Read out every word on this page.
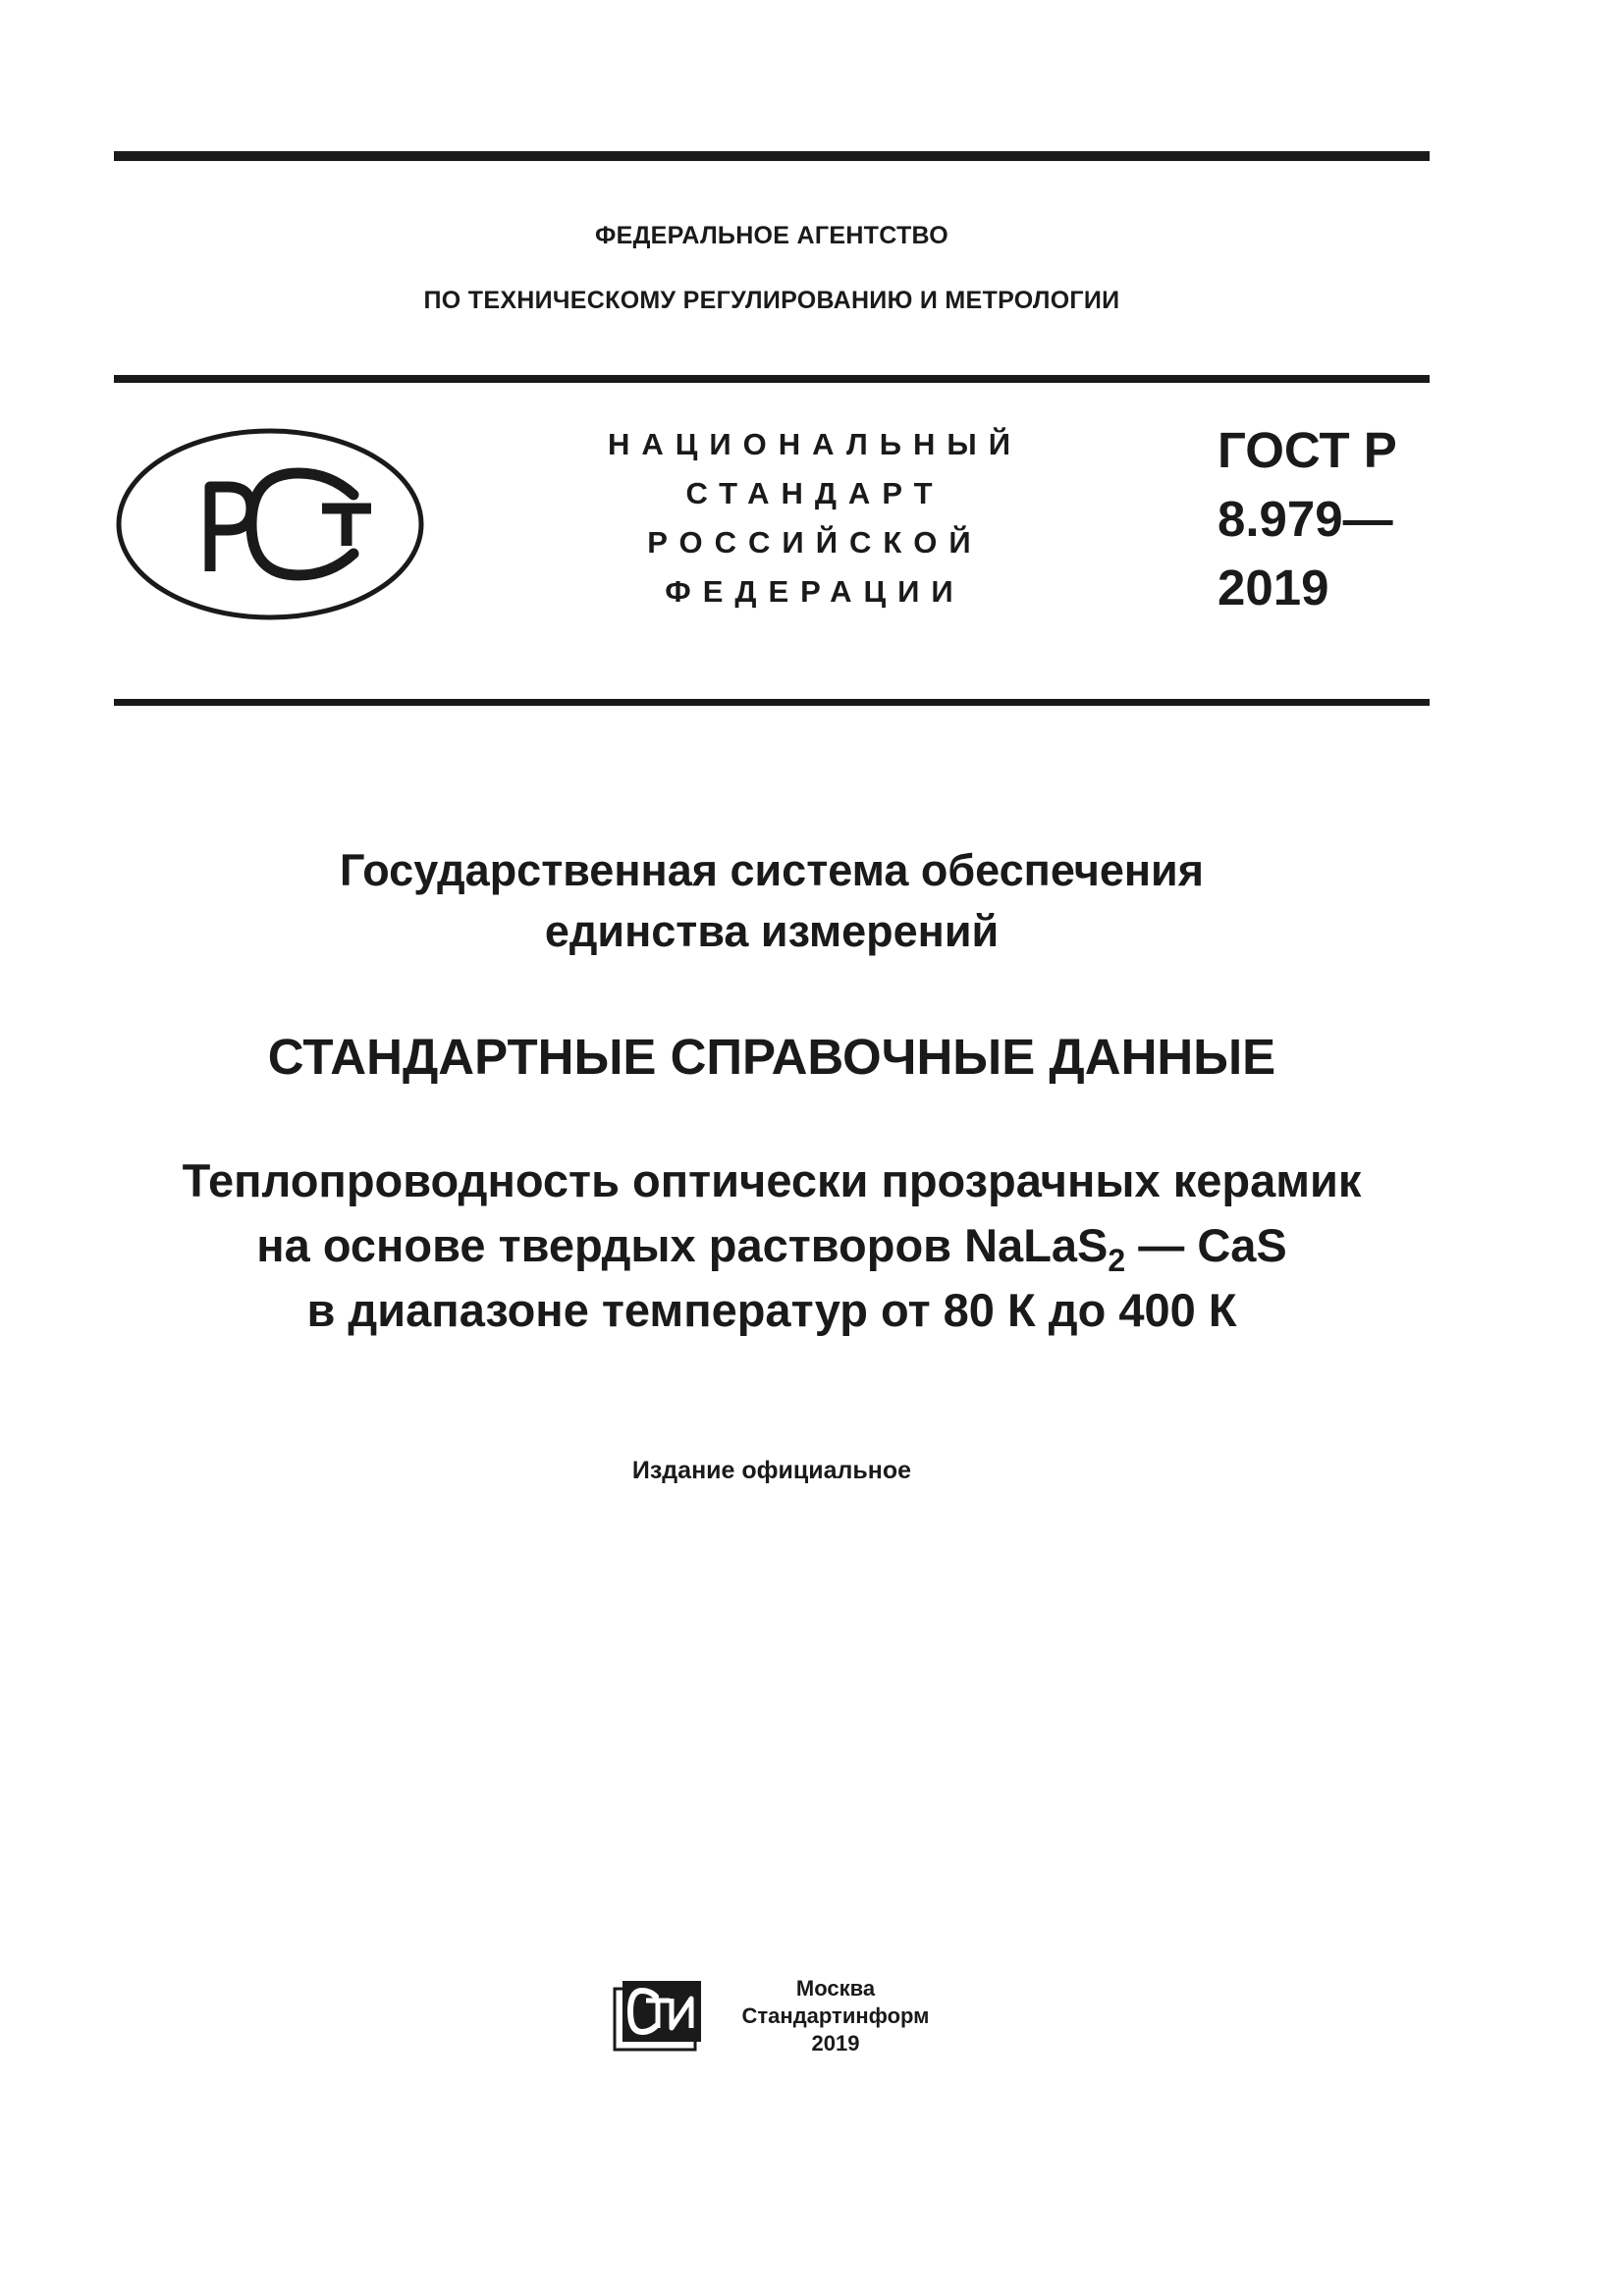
ФЕДЕРАЛЬНОЕ АГЕНТСТВО
ПО ТЕХНИЧЕСКОМУ РЕГУЛИРОВАНИЮ И МЕТРОЛОГИИ
НАЦИОНАЛЬНЫЙ
СТАНДАРТ
РОССИЙСКОЙ
ФЕДЕРАЦИИ
ГОСТ Р
8.979—
2019
Государственная система обеспечения
единства измерений
СТАНДАРТНЫЕ СПРАВОЧНЫЕ ДАННЫЕ
Теплопроводность оптически прозрачных керамик
на основе твердых растворов NaLaS$_2$ — CaS
в диапазоне температур от 80 К до 400 К
Издание официальное
Москва
Стандартинформ
2019
